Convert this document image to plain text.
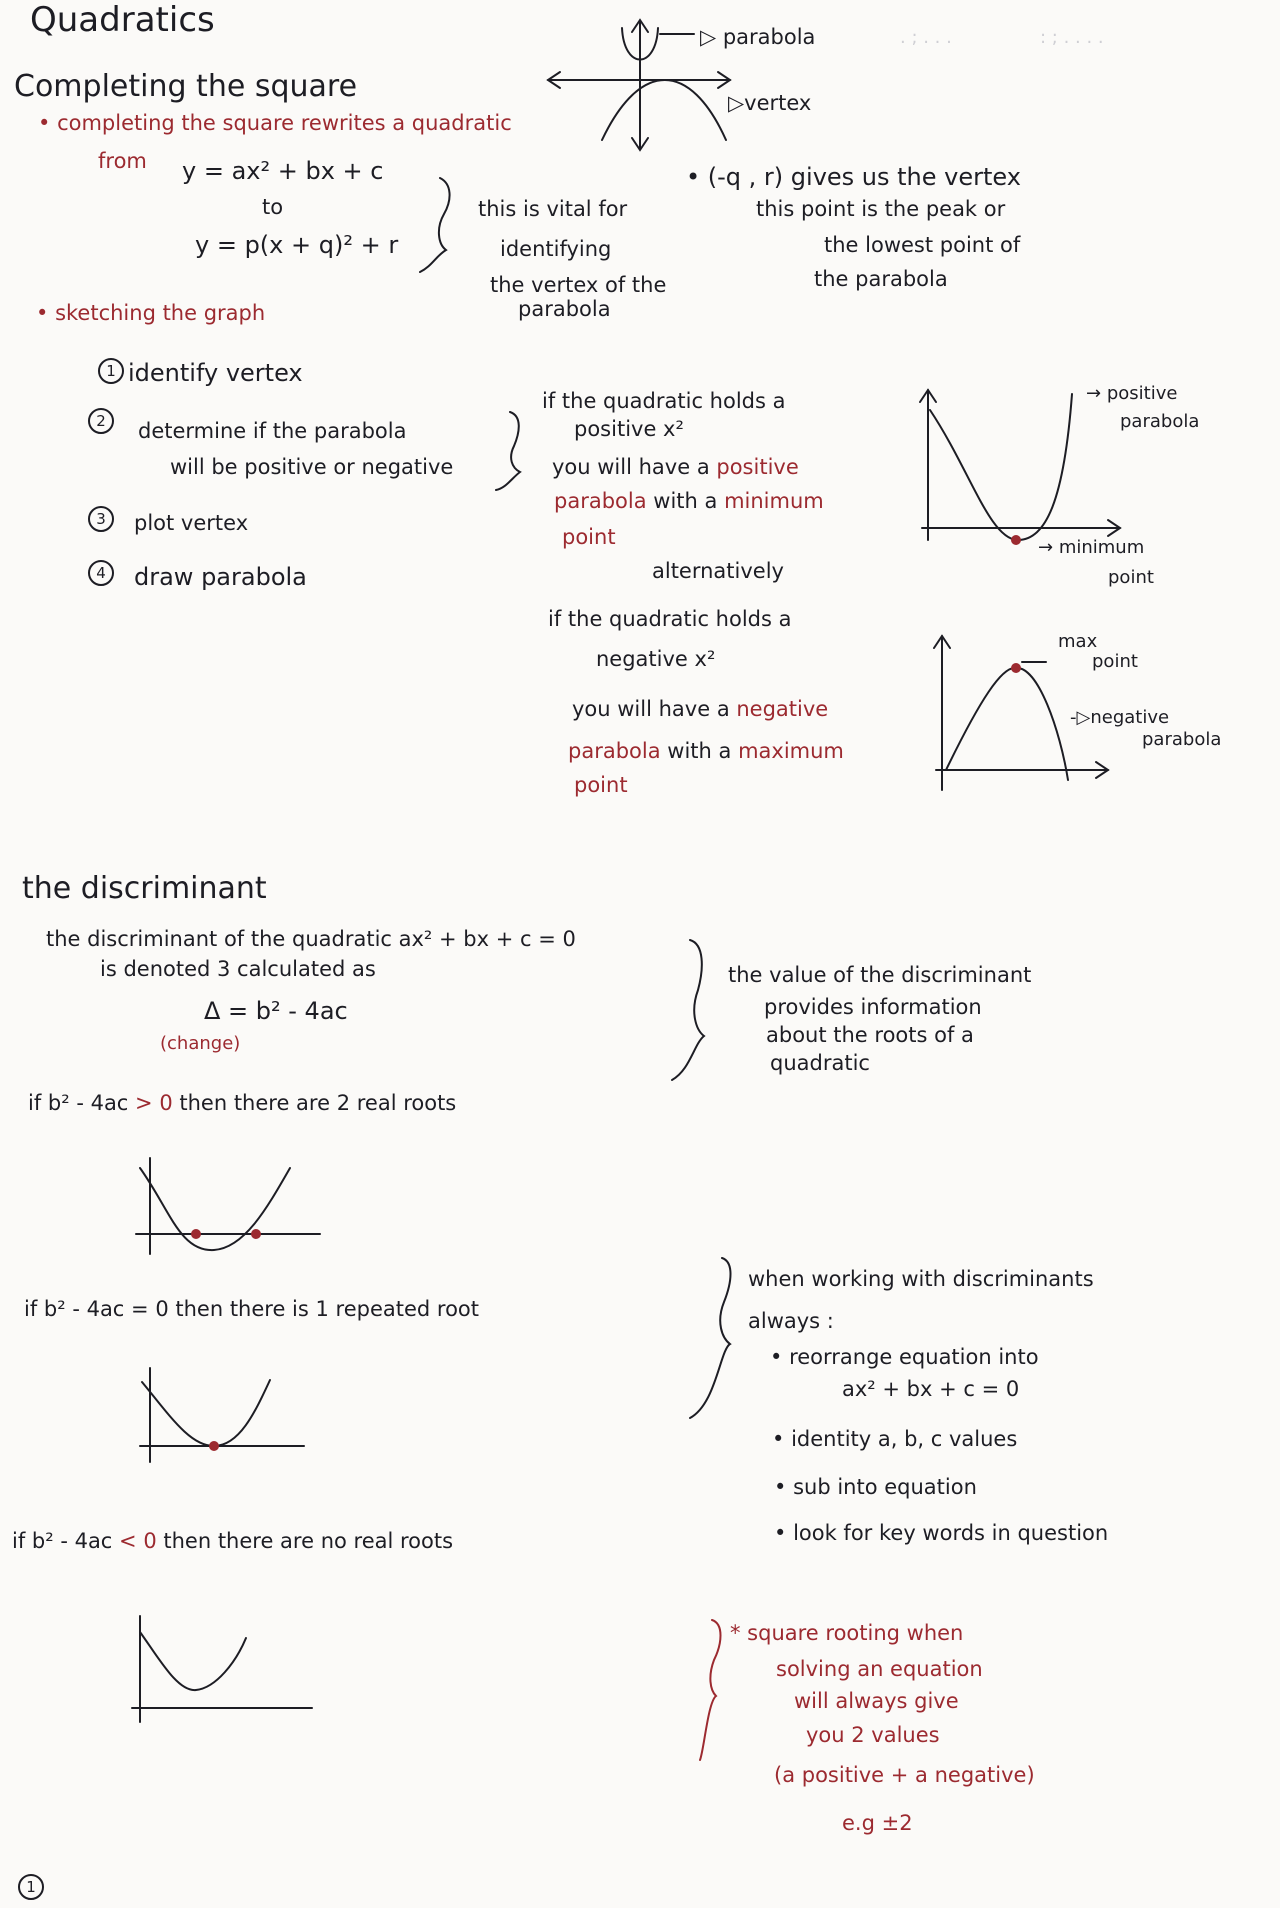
Quadratics	. ; . . .	: ; . . . .
Completing the square
• completing the square rewrites a quadratic
from y = ax² + bx + c
to
y = p(x + q)² + r
this is vital for
identifying
the vertex of the
parabola
▷ parabola
▷vertex
• (-q , r) gives us the vertex
this point is the peak or
the lowest point of
the parabola
• sketching the graph
1 identify vertex
2	determine if the parabola
will be positive or negative
3	plot vertex
4	draw parabola
if the quadratic holds a
positive x²
you will have a positive
parabola with a minimum
point
alternatively
if the quadratic holds a
negative x²
you will have a negative
parabola with a maximum
point
→ positive
parabola
→ minimum
point
max
point
-▷negative
parabola
the discriminant
the discriminant of the quadratic ax² + bx + c = 0
is denoted 3 calculated as
Δ = b² - 4ac
(change)
the value of the discriminant
provides information
about the roots of a
quadratic
if b² - 4ac > 0 then there are 2 real roots
if b² - 4ac = 0 then there is 1 repeated root
if b² - 4ac < 0 then there are no real roots
when working with discriminants
always :
• reorrange equation into
ax² + bx + c = 0
• identity a, b, c values
• sub into equation
• look for key words in question
* square rooting when
solving an equation
will always give
you 2 values
(a positive + a negative)
e.g ±2
1
